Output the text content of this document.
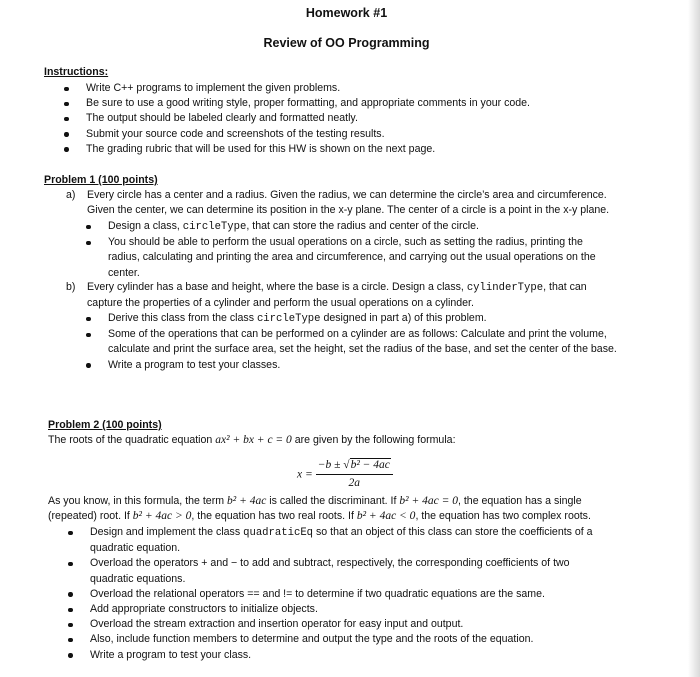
Homework #1
Review of OO Programming
Instructions:
Write C++ programs to implement the given problems.
Be sure to use a good writing style, proper formatting, and appropriate comments in your code.
The output should be labeled clearly and formatted neatly.
Submit your source code and screenshots of the testing results.
The grading rubric that will be used for this HW is shown on the next page.
Problem 1 (100 points)
a) Every circle has a center and a radius. Given the radius, we can determine the circle’s area and circumference.
Given the center, we can determine its position in the x-y plane. The center of a circle is a point in the x-y plane.
Design a class, circleType, that can store the radius and center of the circle.
You should be able to perform the usual operations on a circle, such as setting the radius, printing the
radius, calculating and printing the area and circumference, and carrying out the usual operations on the
center.
b) Every cylinder has a base and height, where the base is a circle. Design a class, cylinderType, that can
capture the properties of a cylinder and perform the usual operations on a cylinder.
Derive this class from the class circleType designed in part a) of this problem.
Some of the operations that can be performed on a cylinder are as follows: Calculate and print the volume,
calculate and print the surface area, set the height, set the radius of the base, and set the center of the base.
Write a program to test your classes.
Problem 2 (100 points)
The roots of the quadratic equation ax² + bx + c = 0 are given by the following formula:
$x = \frac{\text{−b ± √b² − 4ac}}{2a}$
As you know, in this formula, the term b² + 4ac is called the discriminant. If b² + 4ac = 0, the equation has a single
(repeated) root. If b² + 4ac > 0, the equation has two real roots. If b² + 4ac < 0, the equation has two complex roots.
Design and implement the class quadraticEq so that an object of this class can store the coefficients of a
quadratic equation.
Overload the operators + and − to add and subtract, respectively, the corresponding coefficients of two
quadratic equations.
Overload the relational operators == and != to determine if two quadratic equations are the same.
Add appropriate constructors to initialize objects.
Overload the stream extraction and insertion operator for easy input and output.
Also, include function members to determine and output the type and the roots of the equation.
Write a program to test your class.
